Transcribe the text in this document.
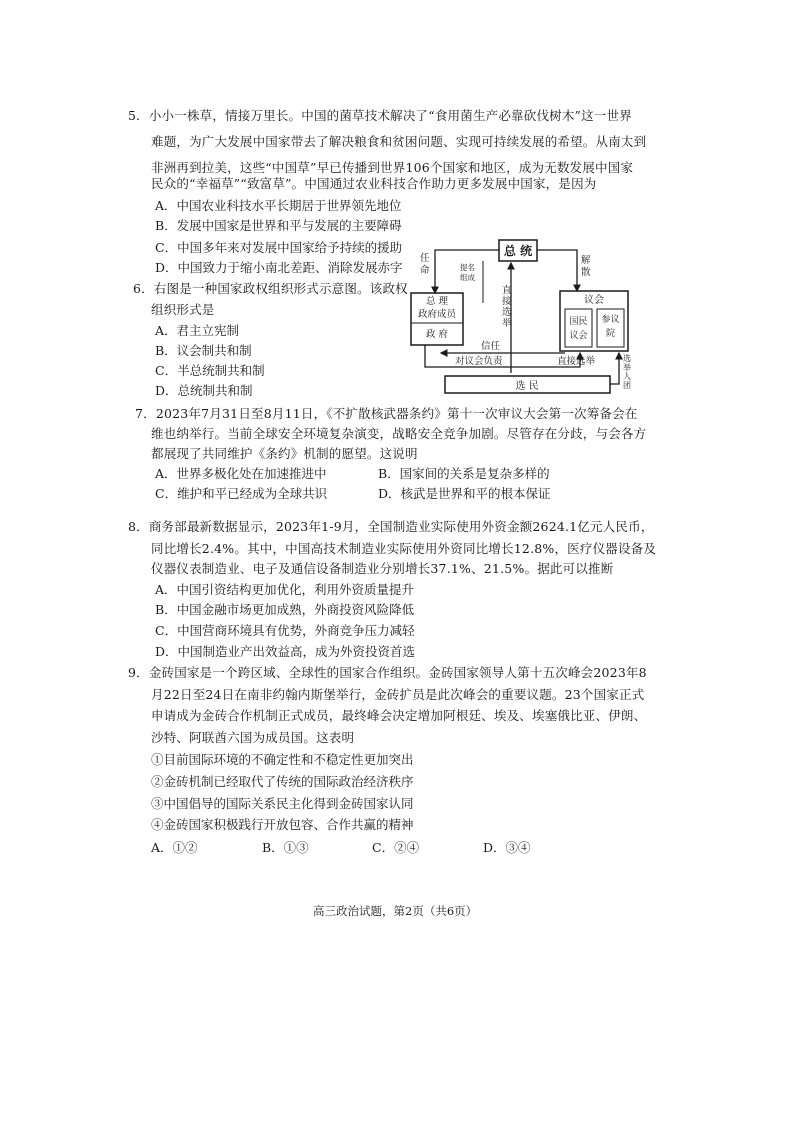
5．小小一株草，情接万里长。中国的菌草技术解决了“食用菌生产必靠砍伐树木”这一世界
难题，为广大发展中国家带去了解决粮食和贫困问题、实现可持续发展的希望。从南太到
非洲再到拉美，这些“中国草”早已传播到世界106个国家和地区，成为无数发展中国家
民众的“幸福草”“致富草”。中国通过农业科技合作助力更多发展中国家，是因为
A．中国农业科技水平长期居于世界领先地位
B．发展中国家是世界和平与发展的主要障碍
C．中国多年来对发展中国家给予持续的援助
D．中国致力于缩小南北差距、消除发展赤字
6．右图是一种国家政权组织形式示意图。该政权
组织形式是
A．君主立宪制
B．议会制共和制
C．半总统制共和制
D．总统制共和制
总 统
任
命	提名
组成
解
散
直
接
选
举
总 理
政府成员
政 府
议会
国民
议会
参议
院
信任
对议会负责	直接选举
选 民
选
举
人
团
7．2023年7月31日至8月11日，《不扩散核武器条约》第十一次审议大会第一次筹备会在
维也纳举行。当前全球安全环境复杂演变，战略安全竞争加剧。尽管存在分歧，与会各方
都展现了共同维护《条约》机制的愿望。这说明
A．世界多极化处在加速推进中	B．国家间的关系是复杂多样的
C．维护和平已经成为全球共识	D．核武是世界和平的根本保证
8．商务部最新数据显示，2023年1-9月，全国制造业实际使用外资金额2624.1亿元人民币，
同比增长2.4%。其中，中国高技术制造业实际使用外资同比增长12.8%，医疗仪器设备及
仪器仪表制造业、电子及通信设备制造业分别增长37.1%、21.5%。据此可以推断
A．中国引资结构更加优化，利用外资质量提升
B．中国金融市场更加成熟，外商投资风险降低
C．中国营商环境具有优势，外商竞争压力减轻
D．中国制造业产出效益高，成为外资投资首选
9．金砖国家是一个跨区域、全球性的国家合作组织。金砖国家领导人第十五次峰会2023年8
月22日至24日在南非约翰内斯堡举行，金砖扩员是此次峰会的重要议题。23个国家正式
申请成为金砖合作机制正式成员，最终峰会决定增加阿根廷、埃及、埃塞俄比亚、伊朗、
沙特、阿联酋六国为成员国。这表明
①目前国际环境的不确定性和不稳定性更加突出
②金砖机制已经取代了传统的国际政治经济秩序
③中国倡导的国际关系民主化得到金砖国家认同
④金砖国家积极践行开放包容、合作共赢的精神
A．①②	B．①③	C．②④	D．③④
高三政治试题，第2页（共6页）
